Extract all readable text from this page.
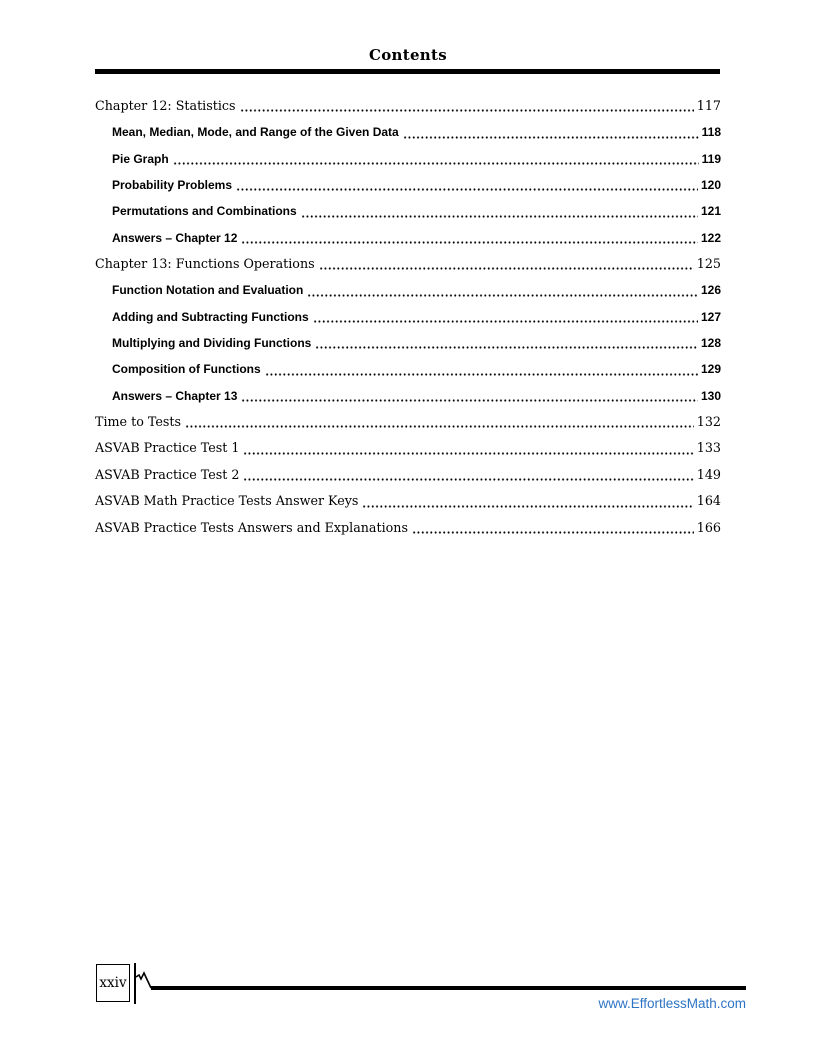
Contents
Chapter 12: Statistics	117
Mean, Median, Mode, and Range of the Given Data	118
Pie Graph	119
Probability Problems	120
Permutations and Combinations	121
Answers – Chapter 12	122
Chapter 13: Functions Operations	125
Function Notation and Evaluation	126
Adding and Subtracting Functions	127
Multiplying and Dividing Functions	128
Composition of Functions	129
Answers – Chapter 13	130
Time to Tests	132
ASVAB Practice Test 1	133
ASVAB Practice Test 2	149
ASVAB Math Practice Tests Answer Keys	164
ASVAB Practice Tests Answers and Explanations	166
xxiv
www.EffortlessMath.com
